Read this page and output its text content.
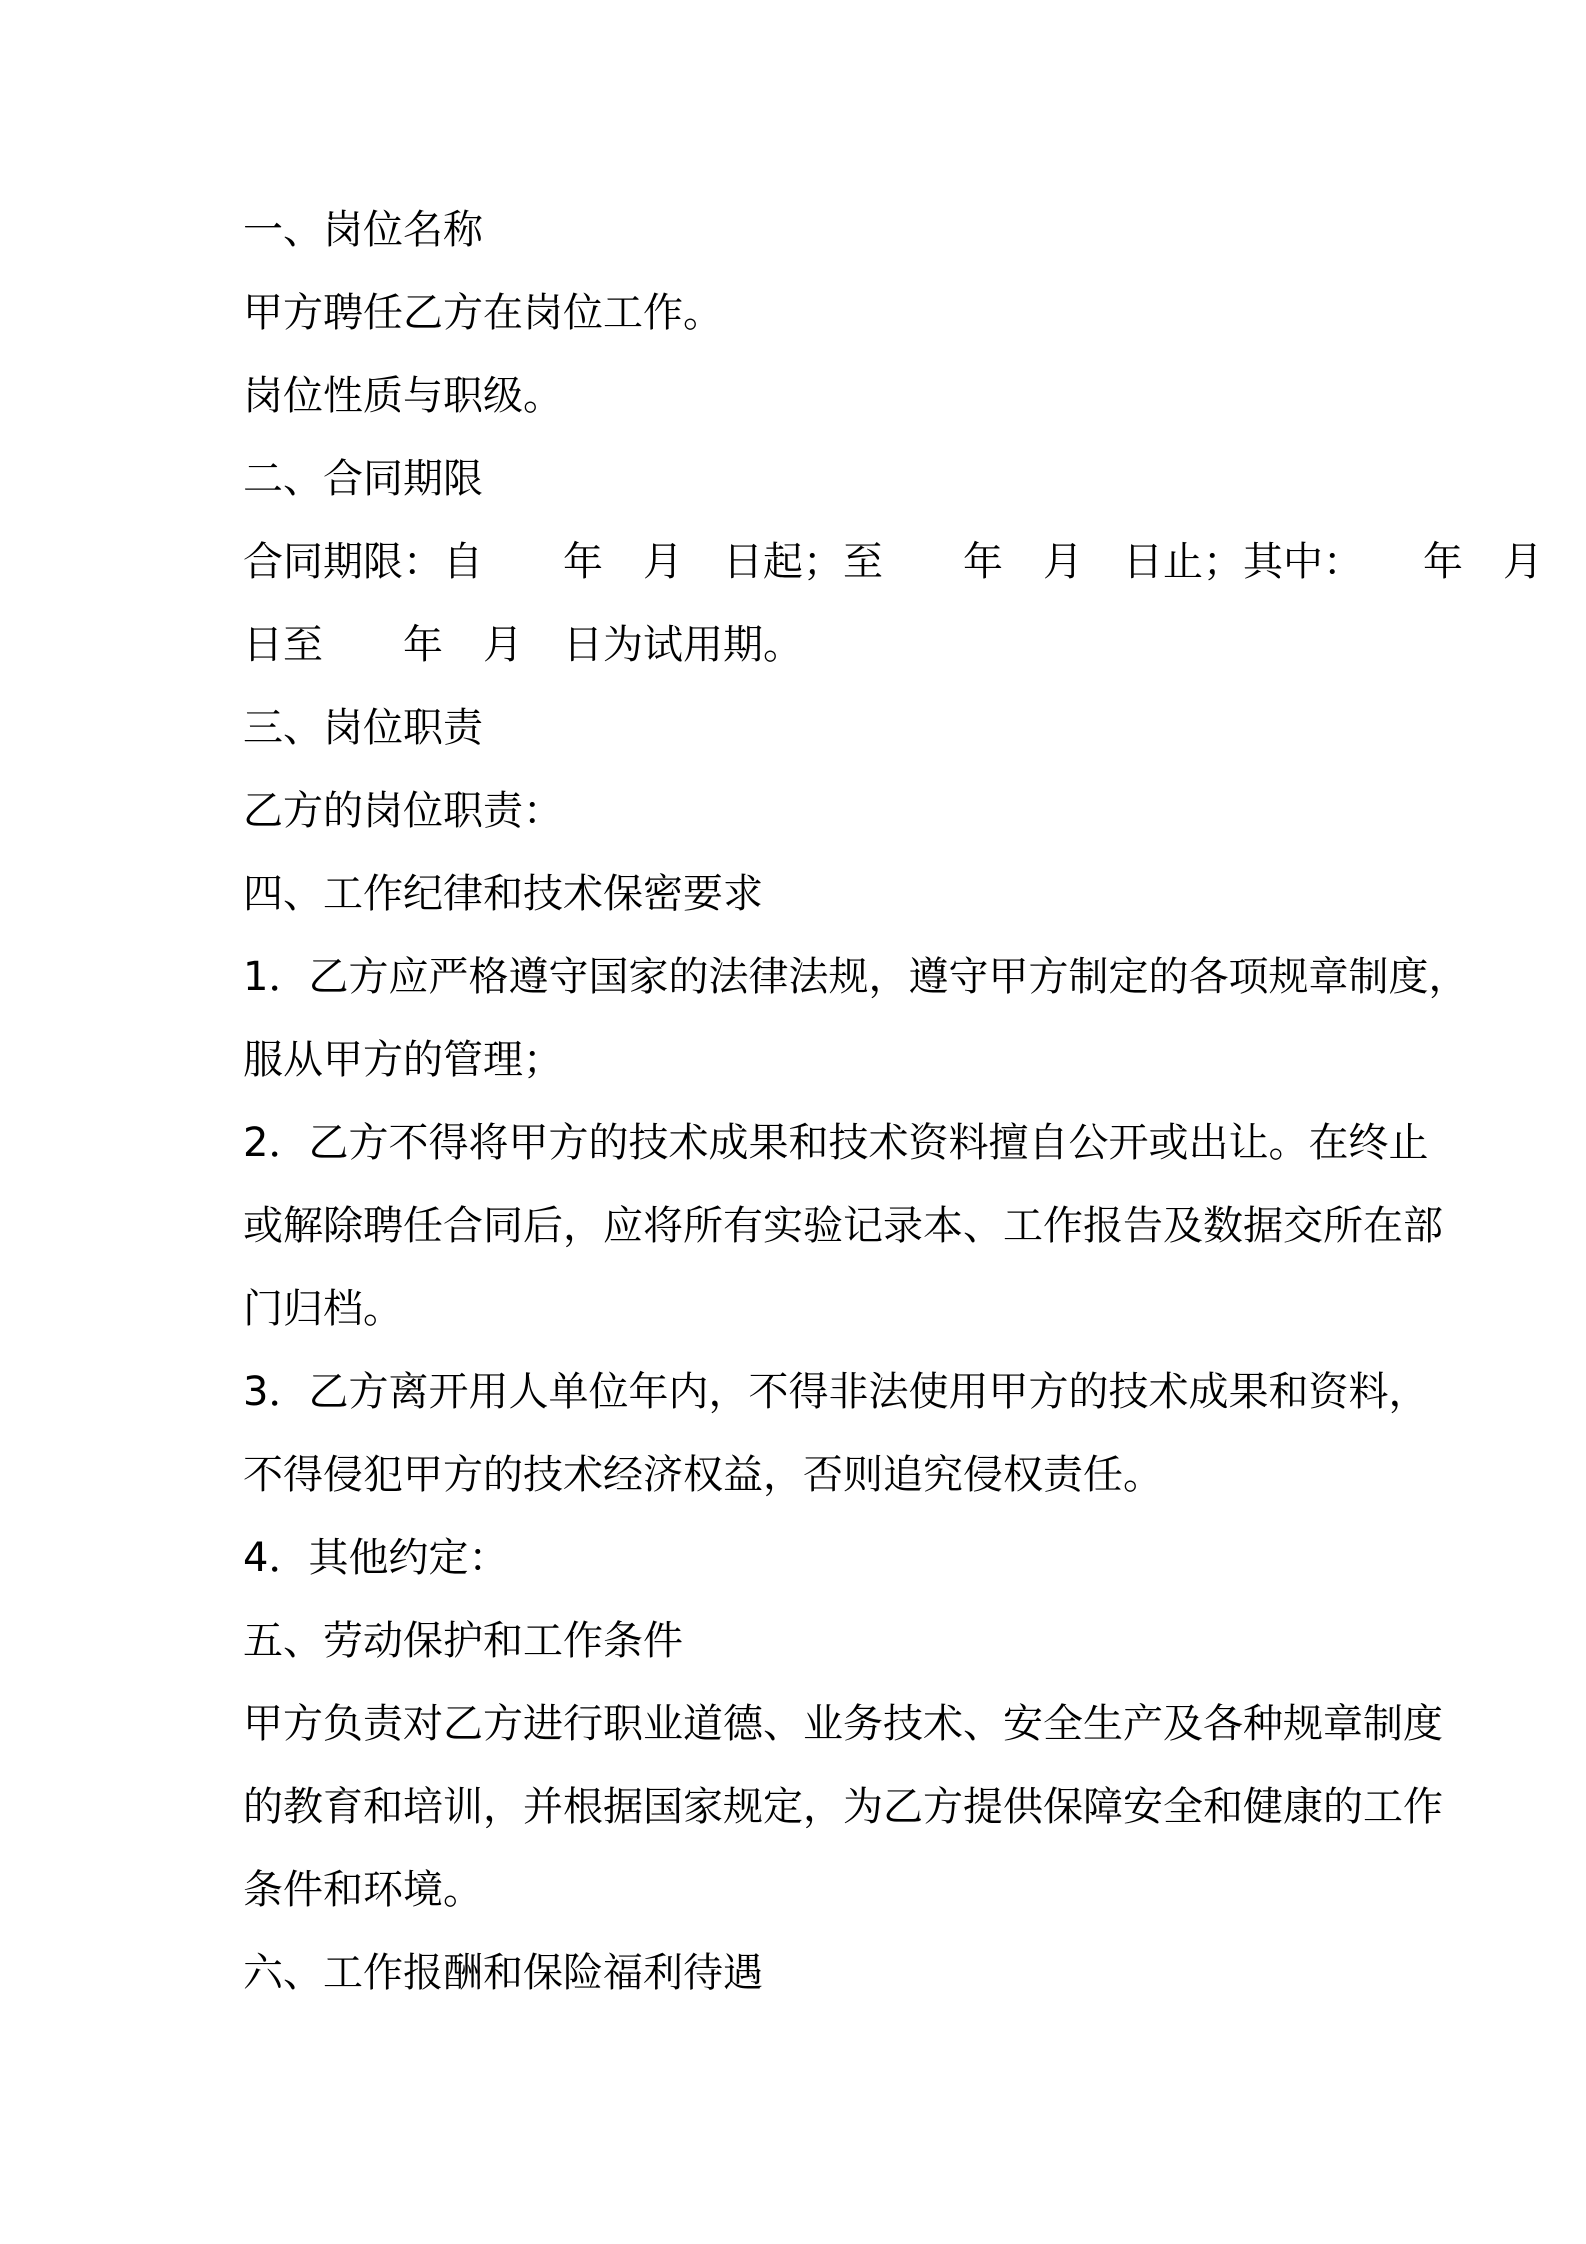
一、岗位名称

甲方聘任乙方在岗位工作。

岗位性质与职级。

二、合同期限

合同期限：自　　年　月　日起；至　　年　月　日止；其中：　　年　月

日至　　年　月　日为试用期。

三、岗位职责

乙方的岗位职责：

四、工作纪律和技术保密要求

1．乙方应严格遵守国家的法律法规，遵守甲方制定的各项规章制度，

服从甲方的管理；

2．乙方不得将甲方的技术成果和技术资料擅自公开或出让。在终止

或解除聘任合同后，应将所有实验记录本、工作报告及数据交所在部

门归档。

3．乙方离开用人单位年内，不得非法使用甲方的技术成果和资料，

不得侵犯甲方的技术经济权益，否则追究侵权责任。

4．其他约定：

五、劳动保护和工作条件

甲方负责对乙方进行职业道德、业务技术、安全生产及各种规章制度

的教育和培训，并根据国家规定，为乙方提供保障安全和健康的工作

条件和环境。

六、工作报酬和保险福利待遇
